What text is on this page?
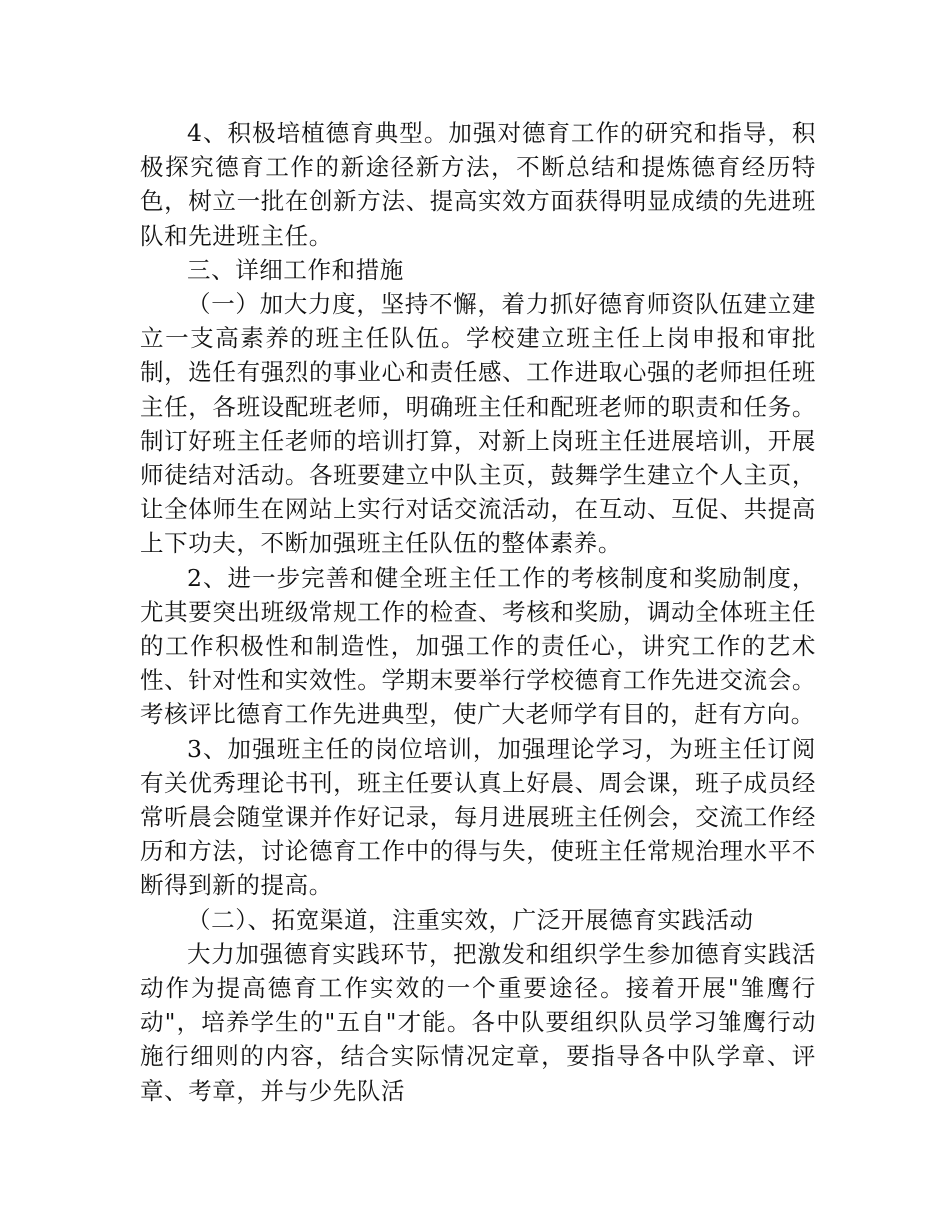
4、积极培植德育典型。加强对德育工作的研究和指导，积极探究德育工作的新途径新方法，不断总结和提炼德育经历特色，树立一批在创新方法、提高实效方面获得明显成绩的先进班队和先进班主任。

三、详细工作和措施

（一）加大力度，坚持不懈，着力抓好德育师资队伍建立建立一支高素养的班主任队伍。学校建立班主任上岗申报和审批制，选任有强烈的事业心和责任感、工作进取心强的老师担任班主任，各班设配班老师，明确班主任和配班老师的职责和任务。制订好班主任老师的培训打算，对新上岗班主任进展培训，开展师徒结对活动。各班要建立中队主页，鼓舞学生建立个人主页，让全体师生在网站上实行对话交流活动，在互动、互促、共提高上下功夫，不断加强班主任队伍的整体素养。

2、进一步完善和健全班主任工作的考核制度和奖励制度，尤其要突出班级常规工作的检查、考核和奖励，调动全体班主任的工作积极性和制造性，加强工作的责任心，讲究工作的艺术性、针对性和实效性。学期末要举行学校德育工作先进交流会。考核评比德育工作先进典型，使广大老师学有目的，赶有方向。

3、加强班主任的岗位培训，加强理论学习，为班主任订阅有关优秀理论书刊，班主任要认真上好晨、周会课，班子成员经常听晨会随堂课并作好记录，每月进展班主任例会，交流工作经历和方法，讨论德育工作中的得与失，使班主任常规治理水平不断得到新的提高。

（二）、拓宽渠道，注重实效，广泛开展德育实践活动

大力加强德育实践环节，把激发和组织学生参加德育实践活动作为提高德育工作实效的一个重要途径。接着开展"雏鹰行动"，培养学生的"五自"才能。各中队要组织队员学习雏鹰行动施行细则的内容，结合实际情况定章，要指导各中队学章、评章、考章，并与少先队活
